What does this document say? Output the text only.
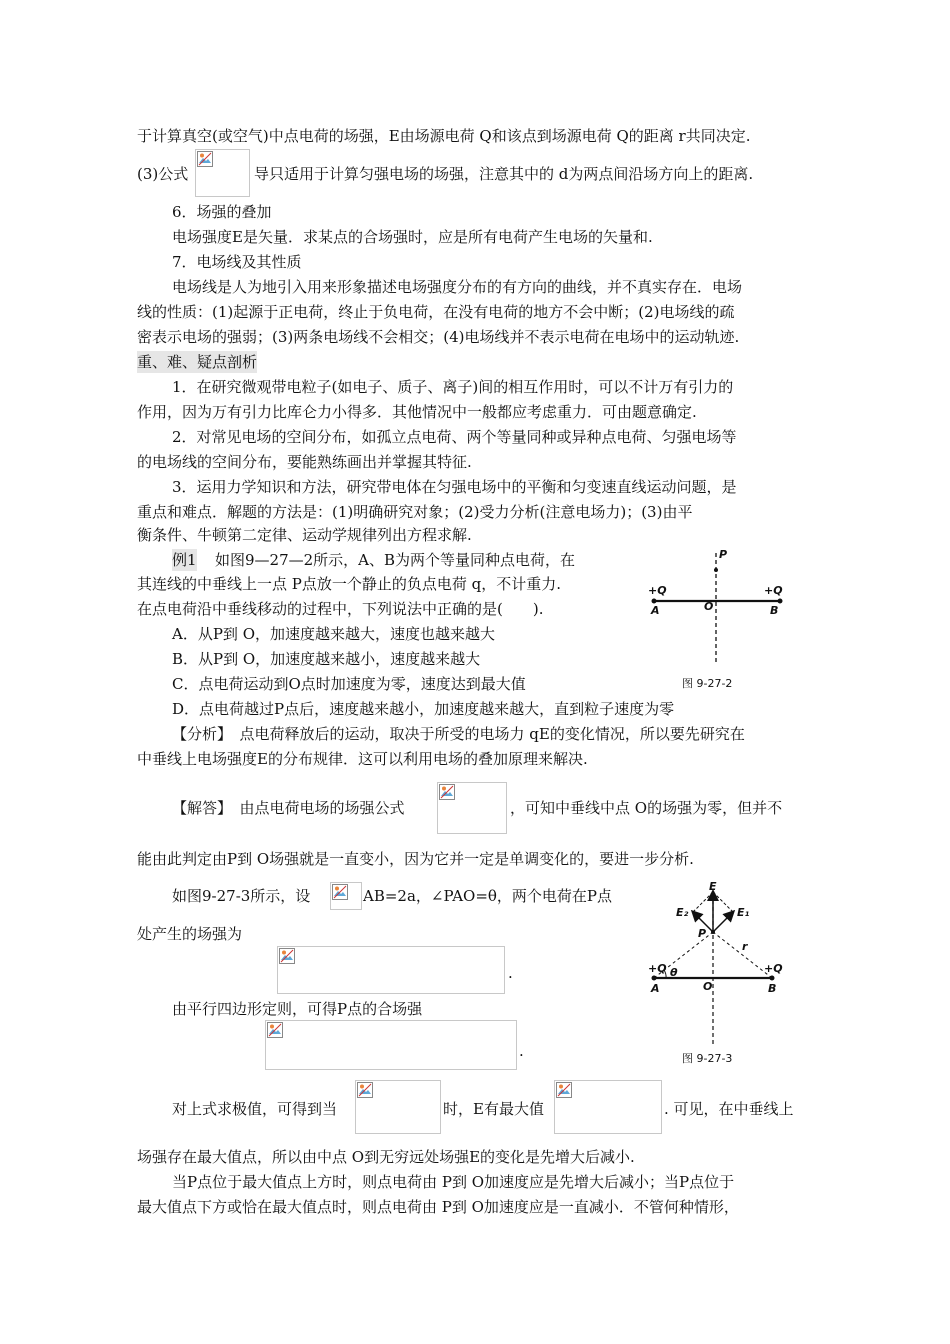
于计算真空(或空气)中点电荷的场强，E由场源电荷 Q和该点到场源电荷 Q的距离 r共同决定.
(3)公式	导只适用于计算匀强电场的场强，注意其中的 d为两点间沿场方向上的距离.
6．场强的叠加
电场强度E是矢量．求某点的合场强时，应是所有电荷产生电场的矢量和.
7．电场线及其性质
电场线是人为地引入用来形象描述电场强度分布的有方向的曲线，并不真实存在．电场
线的性质：(1)起源于正电荷，终止于负电荷，在没有电荷的地方不会中断；(2)电场线的疏
密表示电场的强弱；(3)两条电场线不会相交；(4)电场线并不表示电荷在电场中的运动轨迹.
重、难、疑点剖析
1．在研究微观带电粒子(如电子、质子、离子)间的相互作用时，可以不计万有引力的
作用，因为万有引力比库仑力小得多．其他情况中一般都应考虑重力．可由题意确定.
2．对常见电场的空间分布，如孤立点电荷、两个等量同种或异种点电荷、匀强电场等
的电场线的空间分布，要能熟练画出并掌握其特征.
3．运用力学知识和方法，研究带电体在匀强电场中的平衡和匀变速直线运动问题，是
重点和难点．解题的方法是：(1)明确研究对象；(2)受力分析(注意电场力)；(3)由平
衡条件、牛顿第二定律、运动学规律列出方程求解.
例1 　如图9—27—2所示，A、B为两个等量同种点电荷，在
其连线的中垂线上一点 P点放一个静止的负点电荷 q，不计重力.
在点电荷沿中垂线移动的过程中，下列说法中正确的是(　　).
A．从P到 O，加速度越来越大，速度也越来越大
B．从P到 O，加速度越来越小，速度越来越大
C．点电荷运动到O点时加速度为零，速度达到最大值
D．点电荷越过P点后，速度越来越小，加速度越来越大，直到粒子速度为零
【分析】　点电荷释放后的运动，取决于所受的电场力 qE的变化情况，所以要先研究在
中垂线上电场强度E的分布规律．这可以利用电场的叠加原理来解决.
P
+Q	+Q
A	O	B
图 9-27-2
【解答】　由点电荷电场的场强公式	，可知中垂线中点 O的场强为零，但并不
能由此判定由P到 O场强就是一直变小，因为它并一定是单调变化的，要进一步分析.
如图9-27-3所示，设	AB=2a，∠PAO=θ，两个电荷在P点
处产生的场强为
.
由平行四边形定则，可得P点的合场强
.
E
E₂	E₁
P
r
+Q θ	+Q
A	O	B
图 9-27-3
对上式求极值，可得到当	时，E有最大值	. 可见，在中垂线上
场强存在最大值点，所以由中点 O到无穷远处场强E的变化是先增大后减小.
当P点位于最大值点上方时，则点电荷由 P到 O加速度应是先增大后减小；当P点位于
最大值点下方或恰在最大值点时，则点电荷由 P到 O加速度应是一直减小．不管何种情形，
